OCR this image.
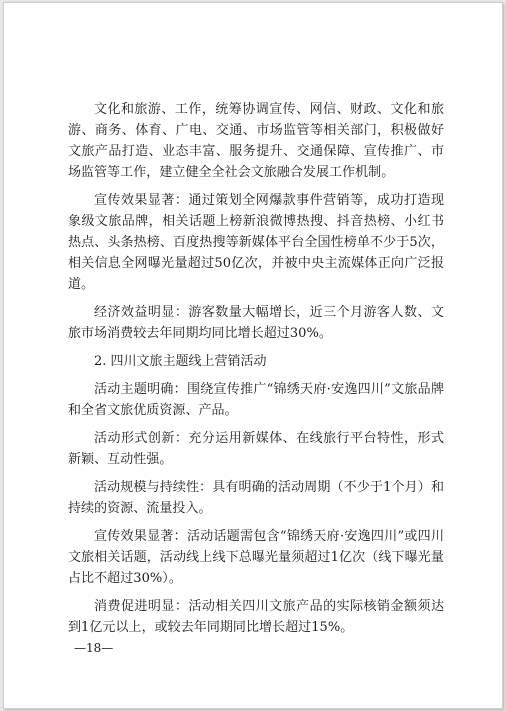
文化和旅游、工作，统筹协调宣传、网信、财政、文化和旅游、商务、体育、广电、交通、市场监管等相关部门，积极做好文旅产品打造、业态丰富、服务提升、交通保障、宣传推广、市场监管等工作，建立健全全社会文旅融合发展工作机制。

宣传效果显著：通过策划全网爆款事件营销等，成功打造现象级文旅品牌，相关话题上榜新浪微博热搜、抖音热榜、小红书热点、头条热榜、百度热搜等新媒体平台全国性榜单不少于5次，相关信息全网曝光量超过50亿次，并被中央主流媒体正向广泛报道。

经济效益明显：游客数量大幅增长，近三个月游客人数、文旅市场消费较去年同期均同比增长超过30%。

2. 四川文旅主题线上营销活动

活动主题明确：围绕宣传推广“锦绣天府·安逸四川”文旅品牌和全省文旅优质资源、产品。

活动形式创新：充分运用新媒体、在线旅行平台特性，形式新颖、互动性强。

活动规模与持续性：具有明确的活动周期（不少于1个月）和持续的资源、流量投入。

宣传效果显著：活动话题需包含“锦绣天府·安逸四川”或四川文旅相关话题，活动线上线下总曝光量须超过1亿次（线下曝光量占比不超过30%）。

消费促进明显：活动相关四川文旅产品的实际核销金额须达到1亿元以上，或较去年同期同比增长超过15%。

—18—
